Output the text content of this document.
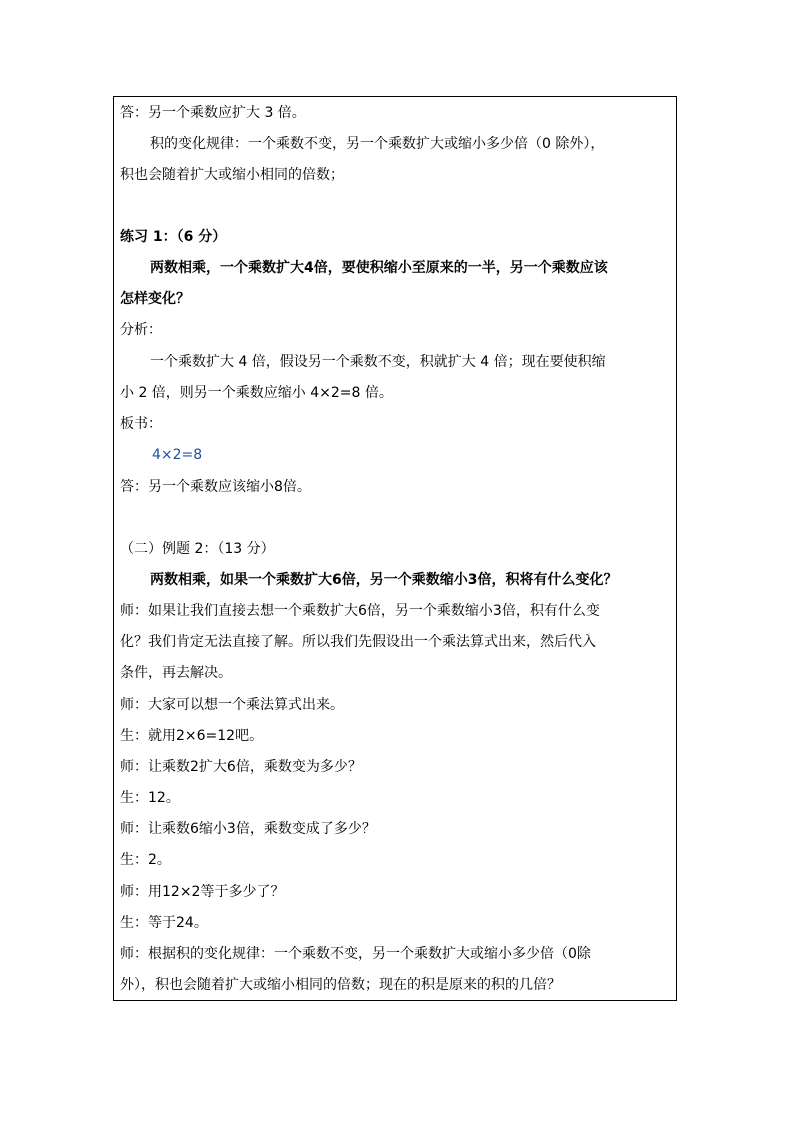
答：另一个乘数应扩大 3 倍。
积的变化规律：一个乘数不变，另一个乘数扩大或缩小多少倍（0 除外），
积也会随着扩大或缩小相同的倍数；
练习 1：（6 分）
两数相乘，一个乘数扩大4倍，要使积缩小至原来的一半，另一个乘数应该
怎样变化？
分析：
一个乘数扩大 4 倍，假设另一个乘数不变，积就扩大 4 倍；现在要使积缩
小 2 倍，则另一个乘数应缩小 4×2=8 倍。
板书：
4×2=8
答：另一个乘数应该缩小8倍。
（二）例题 2：（13 分）
两数相乘，如果一个乘数扩大6倍，另一个乘数缩小3倍，积将有什么变化？
师：如果让我们直接去想一个乘数扩大6倍，另一个乘数缩小3倍，积有什么变
化？我们肯定无法直接了解。所以我们先假设出一个乘法算式出来，然后代入
条件，再去解决。
师：大家可以想一个乘法算式出来。
生：就用2×6=12吧。
师：让乘数2扩大6倍，乘数变为多少？
生：12。
师：让乘数6缩小3倍，乘数变成了多少？
生：2。
师：用12×2等于多少了？
生：等于24。
师：根据积的变化规律：一个乘数不变，另一个乘数扩大或缩小多少倍（0除
外），积也会随着扩大或缩小相同的倍数；现在的积是原来的积的几倍？
